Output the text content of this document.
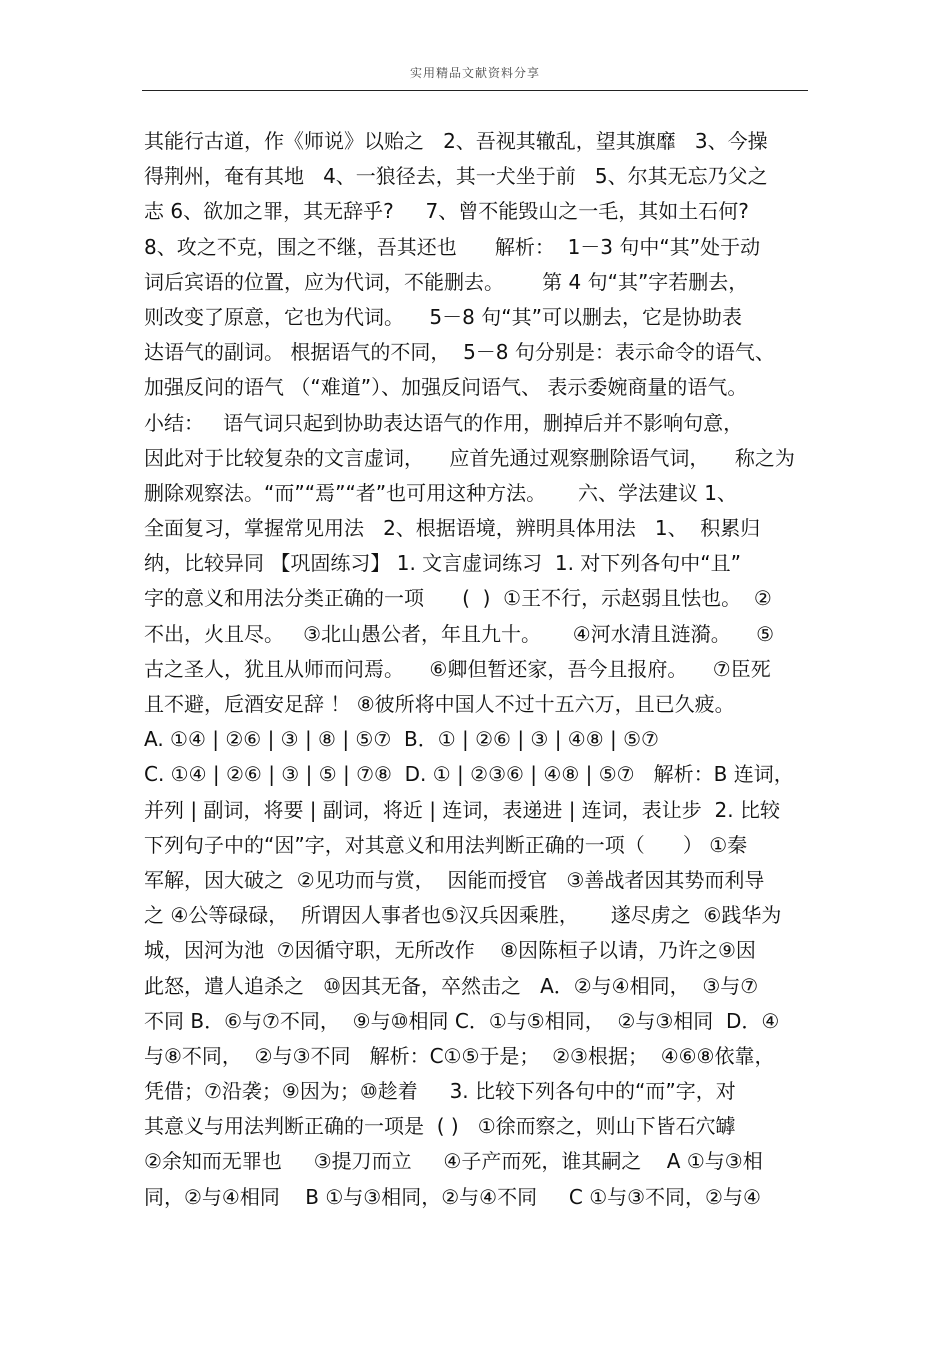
实用精品文献资料分享
其能行古道，作《师说》以贻之   2、吾视其辙乱，望其旗靡   3、今操
得荆州，奄有其地   4、一狼径去，其一犬坐于前   5、尔其无忘乃父之
志 6、欲加之罪，其无辞乎?     7、曾不能毁山之一毛，其如土石何?
8、攻之不克，围之不继，吾其还也      解析：  1－3 句中“其”处于动
词后宾语的位置，应为代词，不能删去。      第 4 句“其”字若删去，
则改变了原意，它也为代词。    5－8 句“其”可以删去，它是协助表
达语气的副词。 根据语气的不同，  5－8 句分别是：表示命令的语气、
加强反问的语气 （“难道”）、加强反问语气、 表示委婉商量的语气。
小结：   语气词只起到协助表达语气的作用，删掉后并不影响句意，
因此对于比较复杂的文言虚词，    应首先通过观察删除语气词，    称之为
删除观察法。“而”“焉”“者”也可用这种方法。     六、学法建议 1、
全面复习，掌握常见用法   2、根据语境，辨明具体用法   1、  积累归
纳，比较异同 【巩固练习】 1. 文言虚词练习  1. 对下列各句中“且”
字的意义和用法分类正确的一项      (  )  ①王不行，示赵弱且怯也。  ②
不出，火且尽。   ③北山愚公者，年且九十。     ④河水清且涟漪。    ⑤
古之圣人，犹且从师而问焉。    ⑥卿但暂还家，吾今且报府。    ⑦臣死
且不避，卮酒安足辞 ！ ⑧彼所将中国人不过十五六万，且已久疲。
A. ①④ | ②⑥ | ③ | ⑧ | ⑤⑦  B．① | ②⑥ | ③ | ④⑧ | ⑤⑦
C. ①④ | ②⑥ | ③ | ⑤ | ⑦⑧  D. ① | ②③⑥ | ④⑧ | ⑤⑦   解析：B 连词，
并列 | 副词，将要 | 副词，将近 | 连词，表递进 | 连词，表让步  2. 比较
下列句子中的“因”字，对其意义和用法判断正确的一项（      ） ①秦
军解，因大破之  ②见功而与赏，  因能而授官   ③善战者因其势而利导
之 ④公等碌碌，  所谓因人事者也⑤汉兵因乘胜，     遂尽虏之  ⑥践华为
城，因河为池  ⑦因循守职，无所改作    ⑧因陈桓子以请，乃许之⑨因
此怒，遣人追杀之   ⑩因其无备，卒然击之   A．②与④相同，  ③与⑦
不同 B．⑥与⑦不同，  ⑨与⑩相同 C．①与⑤相同，  ②与③相同  D．④
与⑧不同，  ②与③不同   解析：C①⑤于是；  ②③根据；  ④⑥⑧依靠，
凭借；⑦沿袭；⑨因为；⑩趁着     3. 比较下列各句中的“而”字，对
其意义与用法判断正确的一项是  ( )   ①徐而察之，则山下皆石穴罅
②余知而无罪也     ③提刀而立     ④子产而死，谁其嗣之    A ①与③相
同，②与④相同    B ①与③相同，②与④不同     C ①与③不同，②与④
